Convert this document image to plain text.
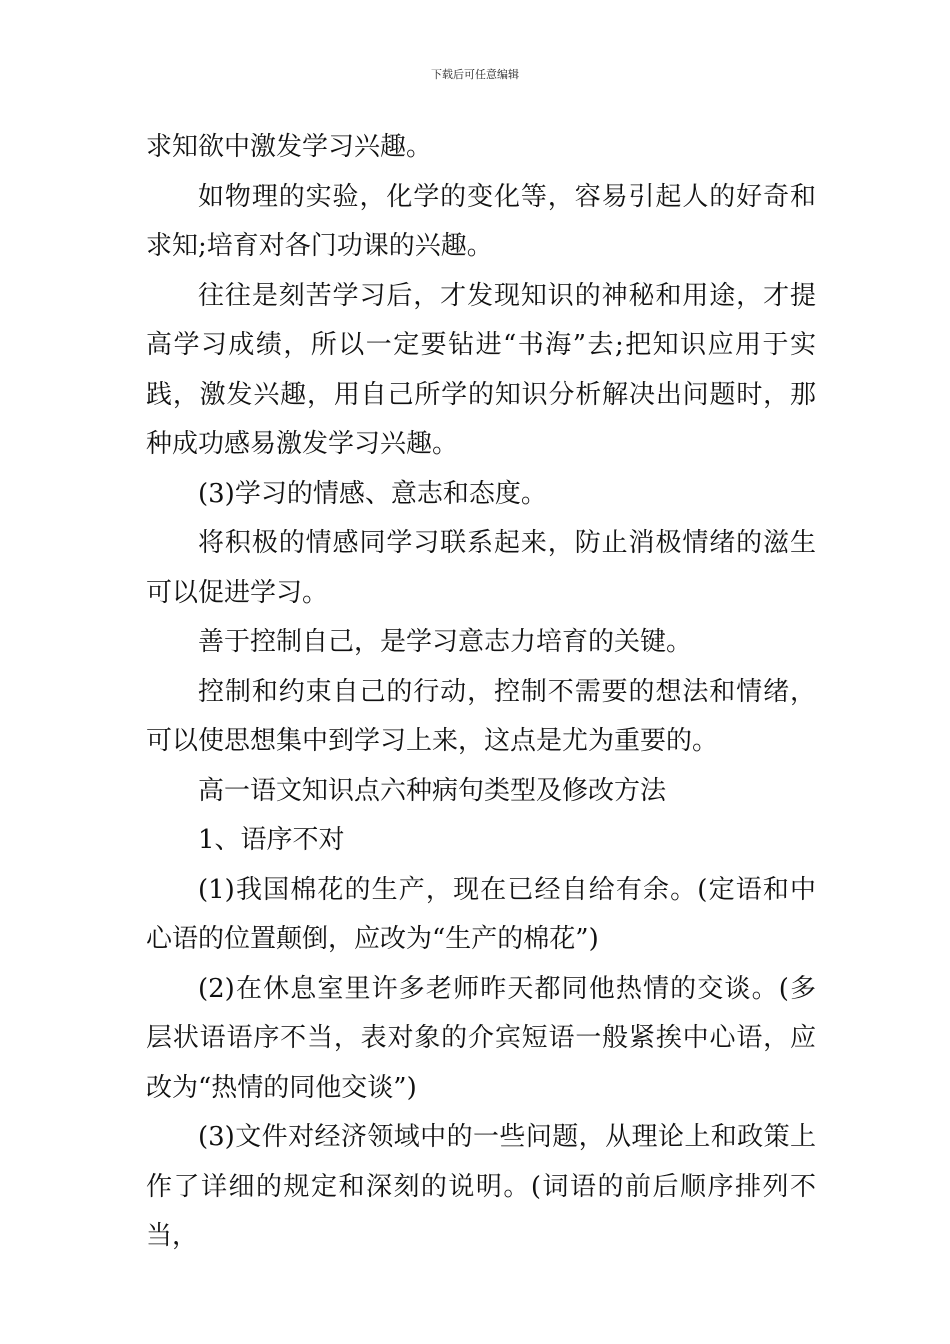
下载后可任意编辑

求知欲中激发学习兴趣。

如物理的实验，化学的变化等，容易引起人的好奇和求知;培育对各门功课的兴趣。

往往是刻苦学习后，才发现知识的神秘和用途，才提高学习成绩，所以一定要钻进“书海”去;把知识应用于实践，激发兴趣，用自己所学的知识分析解决出问题时，那种成功感易激发学习兴趣。

(3)学习的情感、意志和态度。

将积极的情感同学习联系起来，防止消极情绪的滋生可以促进学习。

善于控制自己，是学习意志力培育的关键。

控制和约束自己的行动，控制不需要的想法和情绪，可以使思想集中到学习上来，这点是尤为重要的。

高一语文知识点六种病句类型及修改方法

1、语序不对

(1)我国棉花的生产，现在已经自给有余。(定语和中心语的位置颠倒，应改为“生产的棉花”)

(2)在休息室里许多老师昨天都同他热情的交谈。(多层状语语序不当，表对象的介宾短语一般紧挨中心语，应改为“热情的同他交谈”)

(3)文件对经济领域中的一些问题，从理论上和政策上作了详细的规定和深刻的说明。(词语的前后顺序排列不当，
